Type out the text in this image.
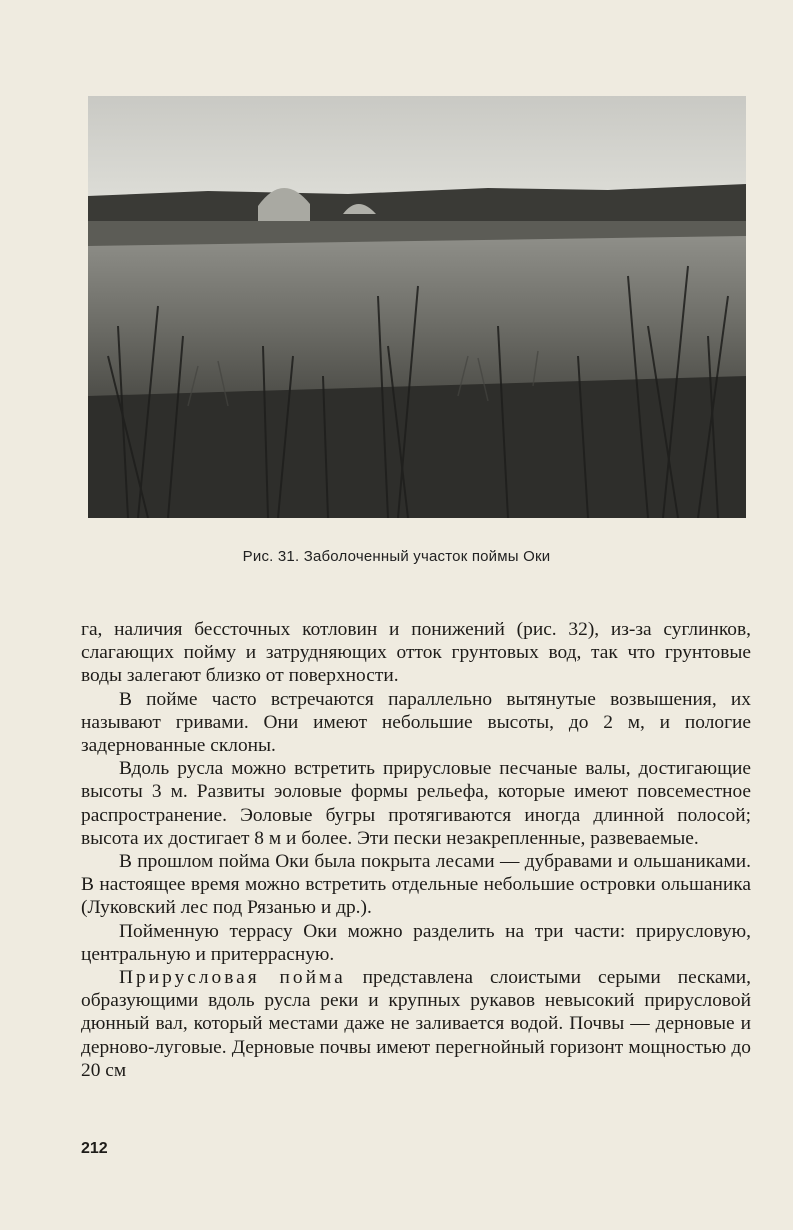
Рис. 31. Заболоченный участок поймы Оки

га, наличия бессточных котловин и понижений (рис. 32), из-за суглинков, слагающих пойму и затрудняющих отток грунтовых вод, так что грунтовые воды залегают близко от поверхности.

В пойме часто встречаются параллельно вытянутые возвышения, их называют гривами. Они имеют небольшие высоты, до 2 м, и пологие задернованные склоны.

Вдоль русла можно встретить прирусловые песчаные валы, достигающие высоты 3 м. Развиты эоловые формы рельефа, которые имеют повсеместное распространение. Эоловые бугры протягиваются иногда длинной полосой; высота их достигает 8 м и более. Эти пески незакрепленные, развеваемые.

В прошлом пойма Оки была покрыта лесами — дубравами и ольшаниками. В настоящее время можно встретить отдельные небольшие островки ольшаника (Луковский лес под Рязанью и др.).

Пойменную террасу Оки можно разделить на три части: прирусловую, центральную и притеррасную.

Прирусловая пойма представлена слоистыми серыми песками, образующими вдоль русла реки и крупных рукавов невысокий прирусловой дюнный вал, который местами даже не заливается водой. Почвы — дерновые и дерново-луговые. Дерновые почвы имеют перегнойный горизонт мощностью до 20 см

212
